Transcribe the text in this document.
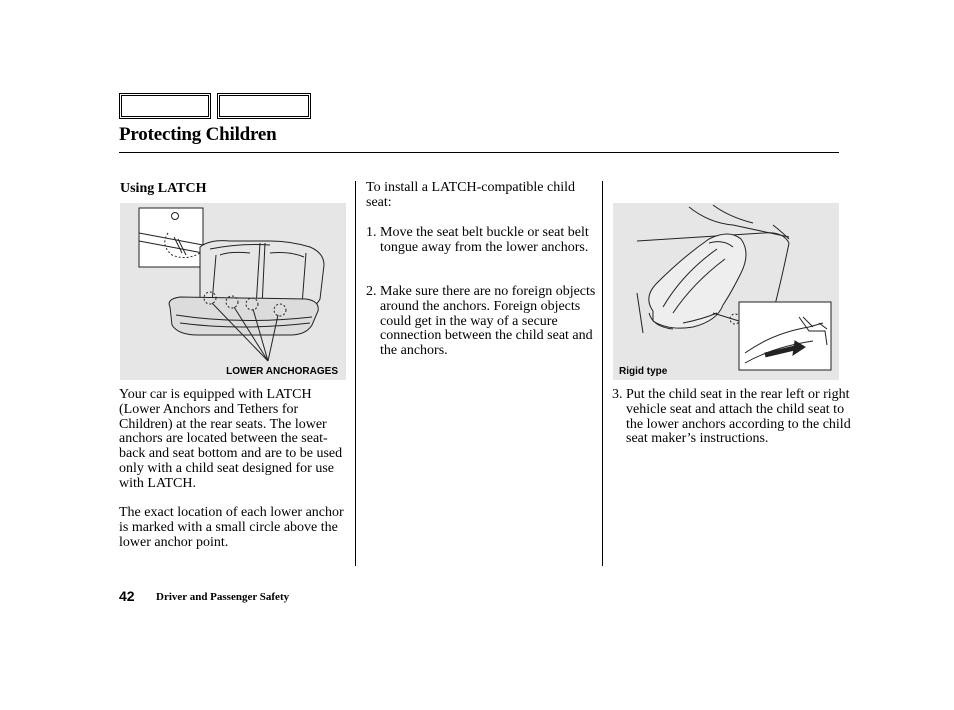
Protecting Children
Using LATCH
LOWER ANCHORAGES
Your car is equipped with LATCH (Lower Anchors and Tethers for Children) at the rear seats. The lower anchors are located between the seat-back and seat bottom and are to be used only with a child seat designed for use with LATCH.
The exact location of each lower anchor is marked with a small circle above the lower anchor point.
To install a LATCH-compatible child seat:
1. Move the seat belt buckle or seat belt tongue away from the lower anchors.
2. Make sure there are no foreign objects around the anchors. Foreign objects could get in the way of a secure connection between the child seat and the anchors.
Rigid type
3. Put the child seat in the rear left or right vehicle seat and attach the child seat to the lower anchors according to the child seat maker’s instructions.
42 Driver and Passenger Safety
